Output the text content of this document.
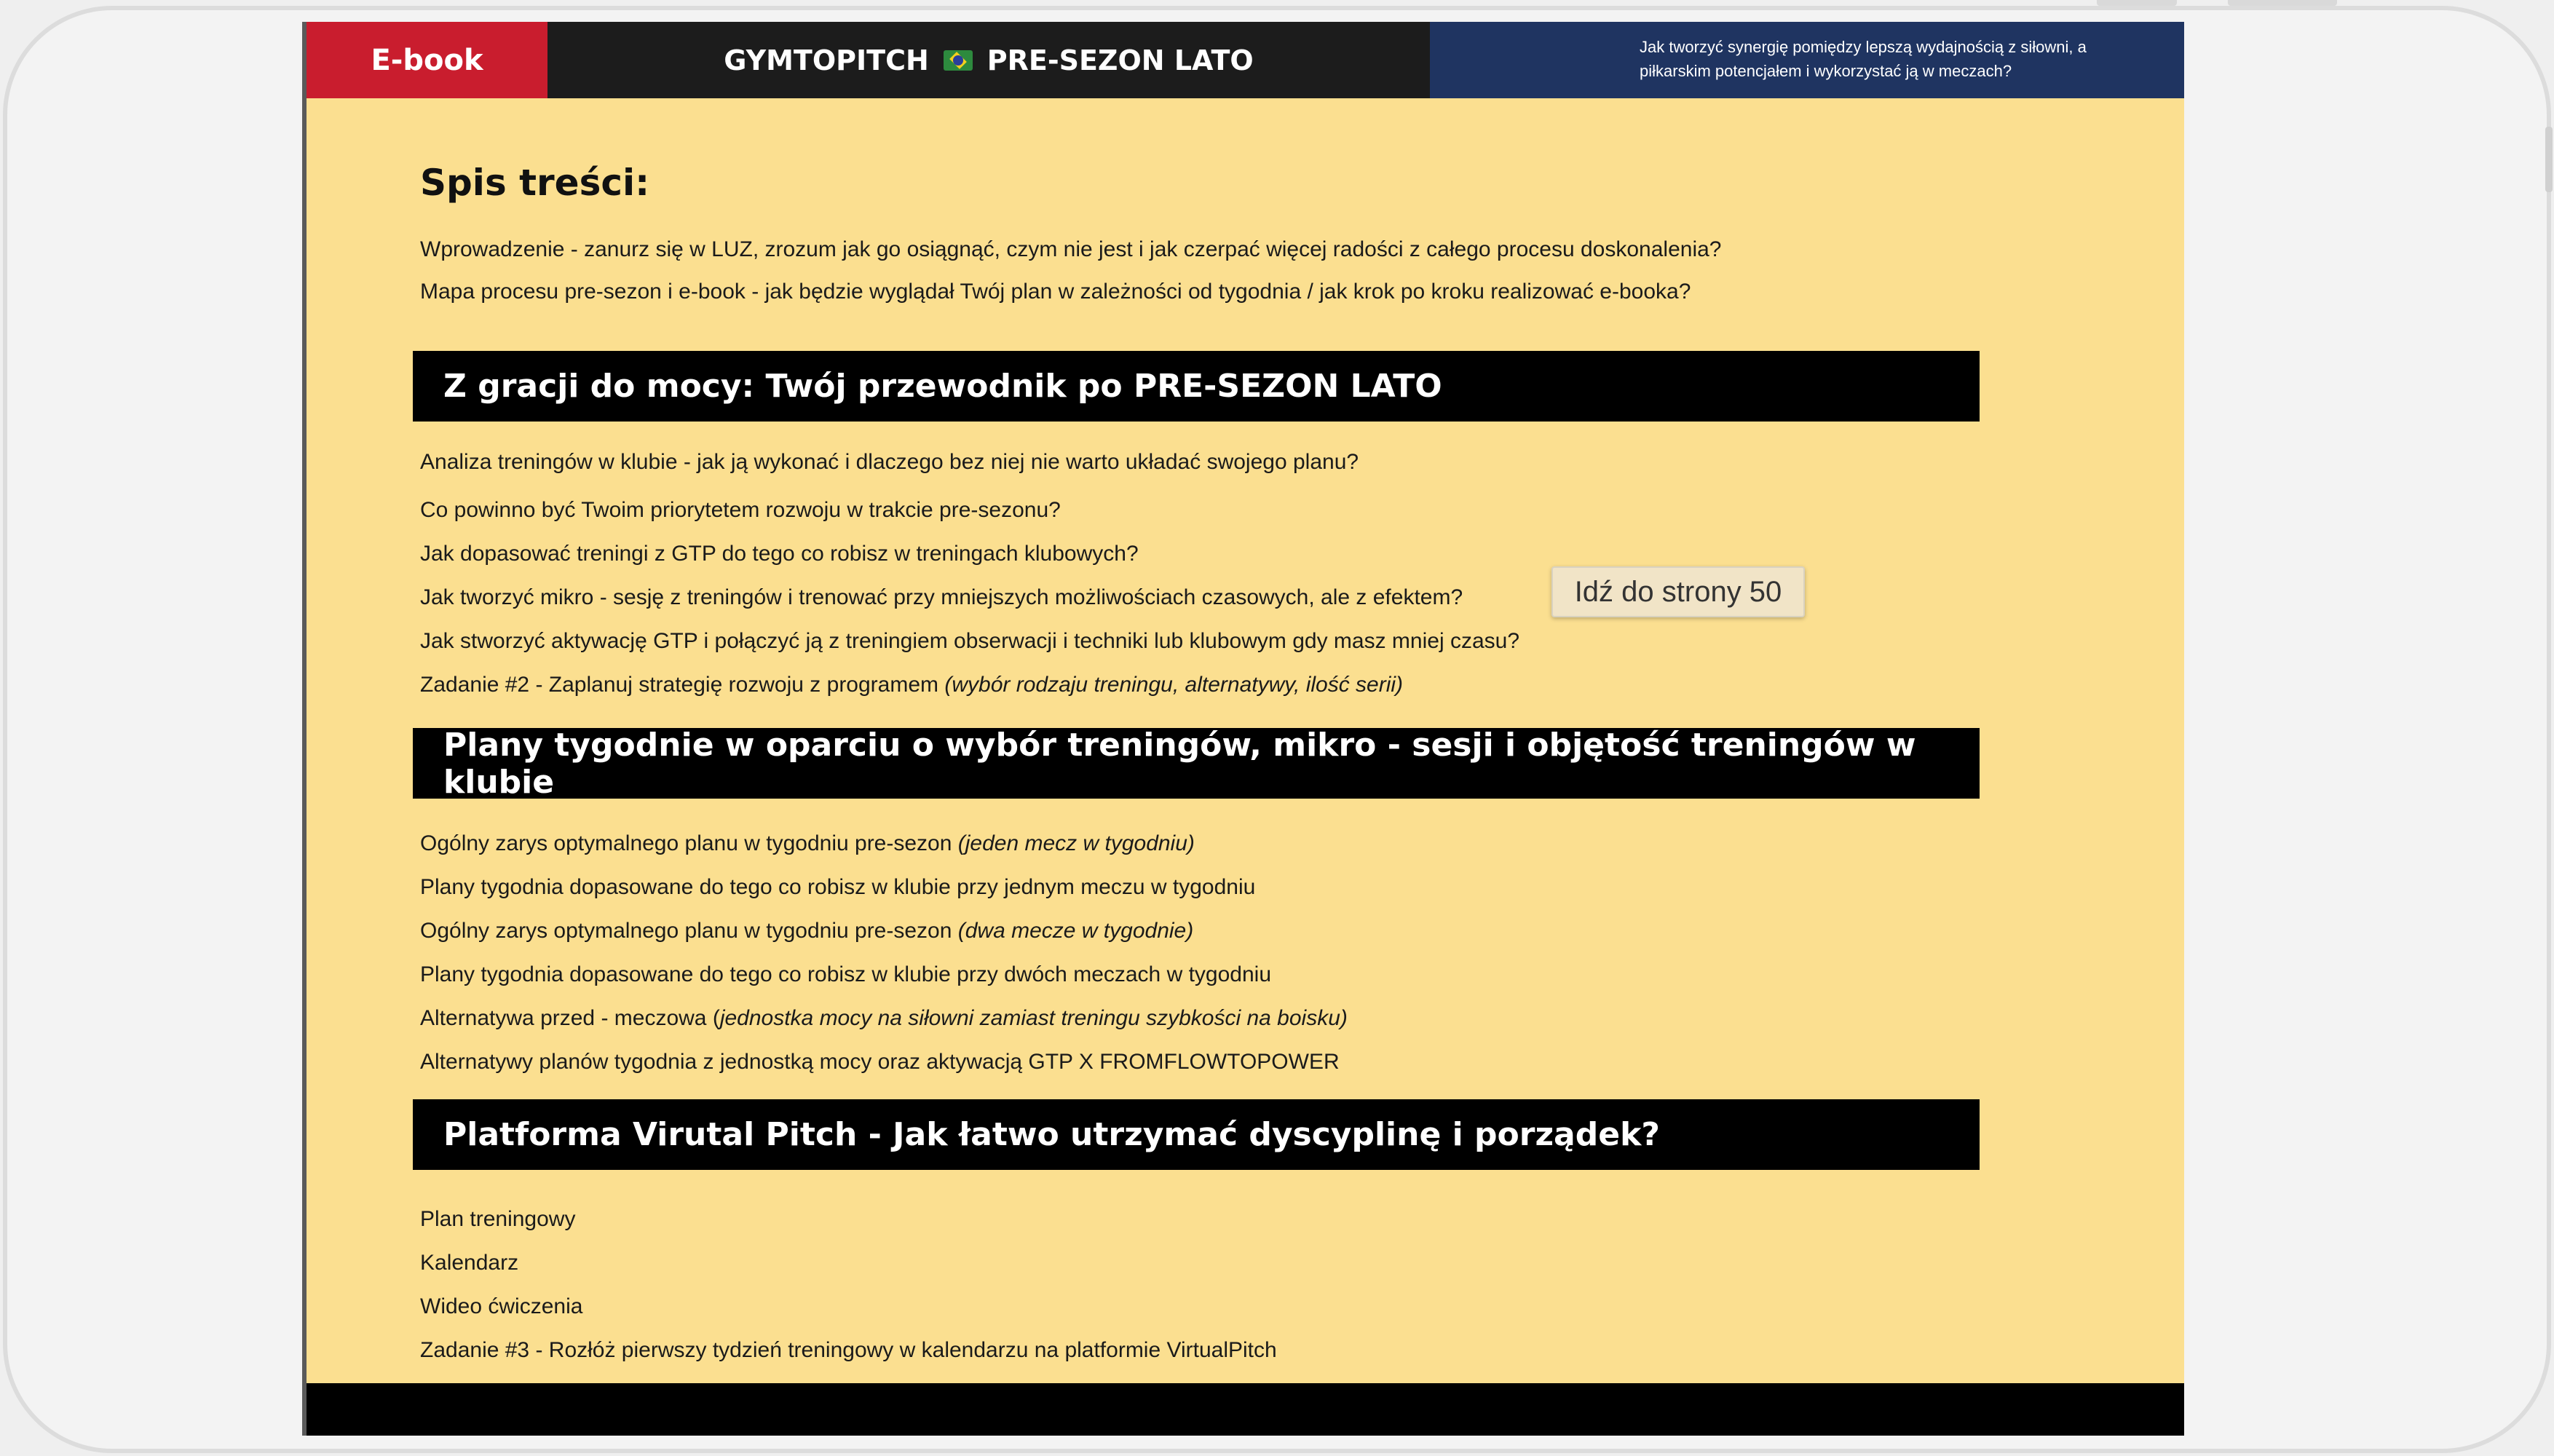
E-book	GYMTOPITCH PRE-SEZON LATO	Jak tworzyć synergię pomiędzy lepszą wydajnością z siłowni, a piłkarskim potencjałem i wykorzystać ją w meczach?
Spis treści:
Wprowadzenie - zanurz się w LUZ, zrozum jak go osiągnąć, czym nie jest i jak czerpać więcej radości z całego procesu doskonalenia?
Mapa procesu pre-sezon i e-book - jak będzie wyglądał Twój plan w zależności od tygodnia / jak krok po kroku realizować e-booka?
Z gracji do mocy: Twój przewodnik po PRE-SEZON LATO
Analiza treningów w klubie - jak ją wykonać i dlaczego bez niej nie warto układać swojego planu?
Co powinno być Twoim priorytetem rozwoju w trakcie pre-sezonu?
Jak dopasować treningi z GTP do tego co robisz w treningach klubowych?
Jak tworzyć mikro - sesję z treningów i trenować przy mniejszych możliwościach czasowych, ale z efektem?
Jak stworzyć aktywację GTP i połączyć ją z treningiem obserwacji i techniki lub klubowym gdy masz mniej czasu?
Zadanie #2 - Zaplanuj strategię rozwoju z programem (wybór rodzaju treningu, alternatywy, ilość serii)
Plany tygodnie w oparciu o wybór treningów, mikro - sesji i objętość treningów w klubie
Ogólny zarys optymalnego planu w tygodniu pre-sezon (jeden mecz w tygodniu)
Plany tygodnia dopasowane do tego co robisz w klubie przy jednym meczu w tygodniu
Ogólny zarys optymalnego planu w tygodniu pre-sezon (dwa mecze w tygodnie)
Plany tygodnia dopasowane do tego co robisz w klubie przy dwóch meczach w tygodniu
Alternatywa przed - meczowa (jednostka mocy na siłowni zamiast treningu szybkości na boisku)
Alternatywy planów tygodnia z jednostką mocy oraz aktywacją GTP X FROMFLOWTOPOWER
Platforma Virutal Pitch - Jak łatwo utrzymać dyscyplinę i porządek?
Plan treningowy
Kalendarz
Wideo ćwiczenia
Zadanie #3 - Rozłóż pierwszy tydzień treningowy w kalendarzu na platformie VirtualPitch
Idź do strony 50
